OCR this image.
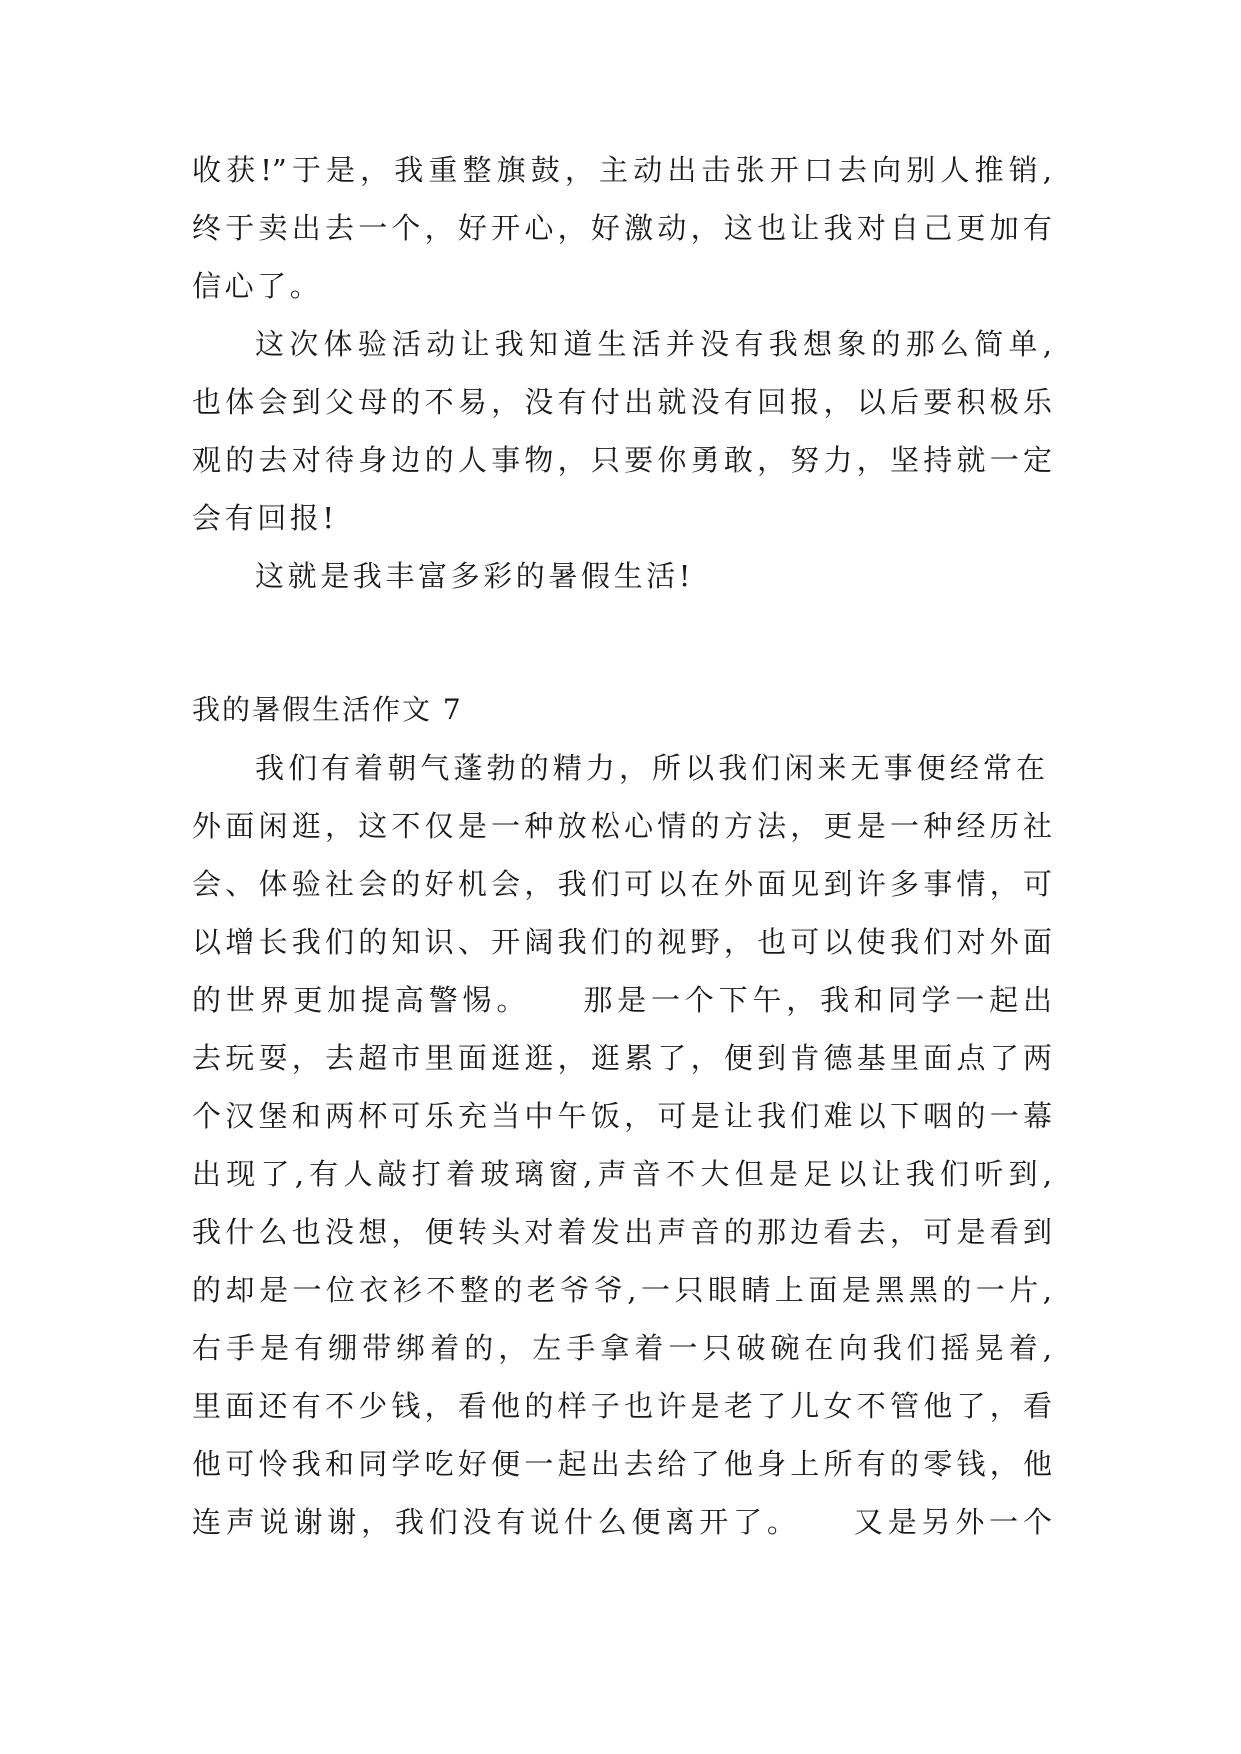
收获!”于是，我重整旗鼓，主动出击张开口去向别人推销,
终于卖出去一个，好开心，好激动，这也让我对自己更加有
信心了。
这次体验活动让我知道生活并没有我想象的那么简单,
也体会到父母的不易，没有付出就没有回报，以后要积极乐
观的去对待身边的人事物，只要你勇敢，努力，坚持就一定
会有回报!
这就是我丰富多彩的暑假生活!
我的暑假生活作文 7
我们有着朝气蓬勃的精力，所以我们闲来无事便经常在
外面闲逛，这不仅是一种放松心情的方法，更是一种经历社
会、体验社会的好机会，我们可以在外面见到许多事情，可
以增长我们的知识、开阔我们的视野，也可以使我们对外面
的世界更加提高警惕。　　那是一个下午，我和同学一起出
去玩耍，去超市里面逛逛，逛累了，便到肯德基里面点了两
个汉堡和两杯可乐充当中午饭，可是让我们难以下咽的一幕
出现了,有人敲打着玻璃窗,声音不大但是足以让我们听到,
我什么也没想，便转头对着发出声音的那边看去，可是看到
的却是一位衣衫不整的老爷爷,一只眼睛上面是黑黑的一片,
右手是有绷带绑着的，左手拿着一只破碗在向我们摇晃着,
里面还有不少钱，看他的样子也许是老了儿女不管他了，看
他可怜我和同学吃好便一起出去给了他身上所有的零钱，他
连声说谢谢，我们没有说什么便离开了。　　又是另外一个
